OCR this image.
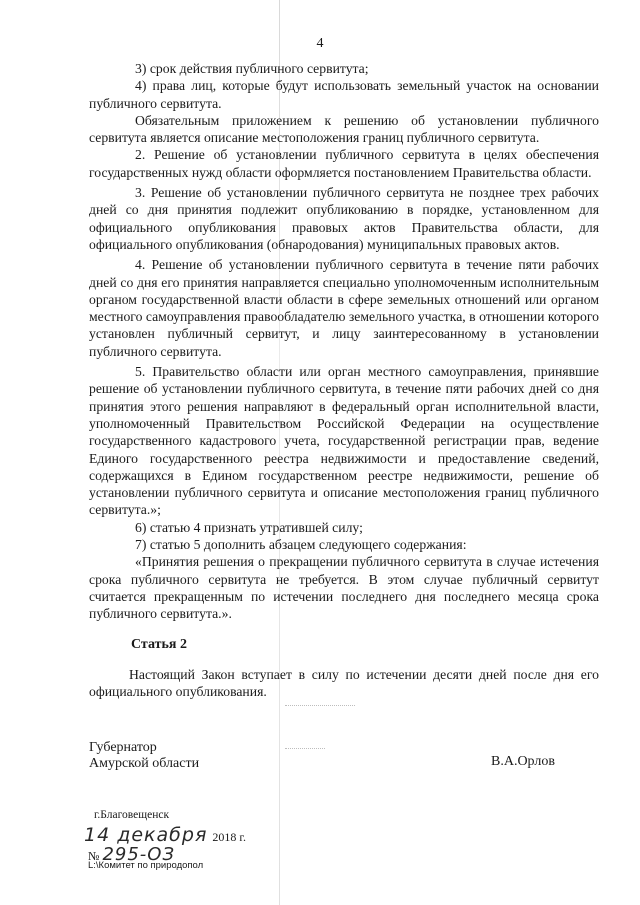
4

3) срок действия публичного сервитута;

4) права лиц, которые будут использовать земельный участок на основании публичного сервитута.

Обязательным приложением к решению об установлении публичного сервитута является описание местоположения границ публичного сервитута.

2. Решение об установлении публичного сервитута в целях обеспечения государственных нужд области оформляется постановлением Правительства области.

3. Решение об установлении публичного сервитута не позднее трех рабочих дней со дня принятия подлежит опубликованию в порядке, установленном для официального опубликования правовых актов Правительства области, для официального опубликования (обнародования) муниципальных правовых актов.

4. Решение об установлении публичного сервитута в течение пяти рабочих дней со дня его принятия направляется специально уполномоченным исполнительным органом государственной власти области в сфере земельных отношений или органом местного самоуправления правообладателю земельного участка, в отношении которого установлен публичный сервитут, и лицу заинтересованному в установлении публичного сервитута.

5. Правительство области или орган местного самоуправления, принявшие решение об установлении публичного сервитута, в течение пяти рабочих дней со дня принятия этого решения направляют в федеральный орган исполнительной власти, уполномоченный Правительством Российской Федерации на осуществление государственного кадастрового учета, государственной регистрации прав, ведение Единого государственного реестра недвижимости и предоставление сведений, содержащихся в Едином государственном реестре недвижимости, решение об установлении публичного сервитута и описание местоположения границ публичного сервитута.»;

6) статью 4 признать утратившей силу;

7) статью 5 дополнить абзацем следующего содержания:

«Принятия решения о прекращении публичного сервитута в случае истечения срока публичного сервитута не требуется. В этом случае публичный сервитут считается прекращенным по истечении последнего дня последнего месяца срока публичного сервитута.».

Статья 2

Настоящий Закон вступает в силу по истечении десяти дней после дня его официального опубликования.

Губернатор
Амурской области	В.А.Орлов
г.Благовещенск
14 декабря 2018 г.
№ 295-ОЗ
L:\Комитет по природопол
